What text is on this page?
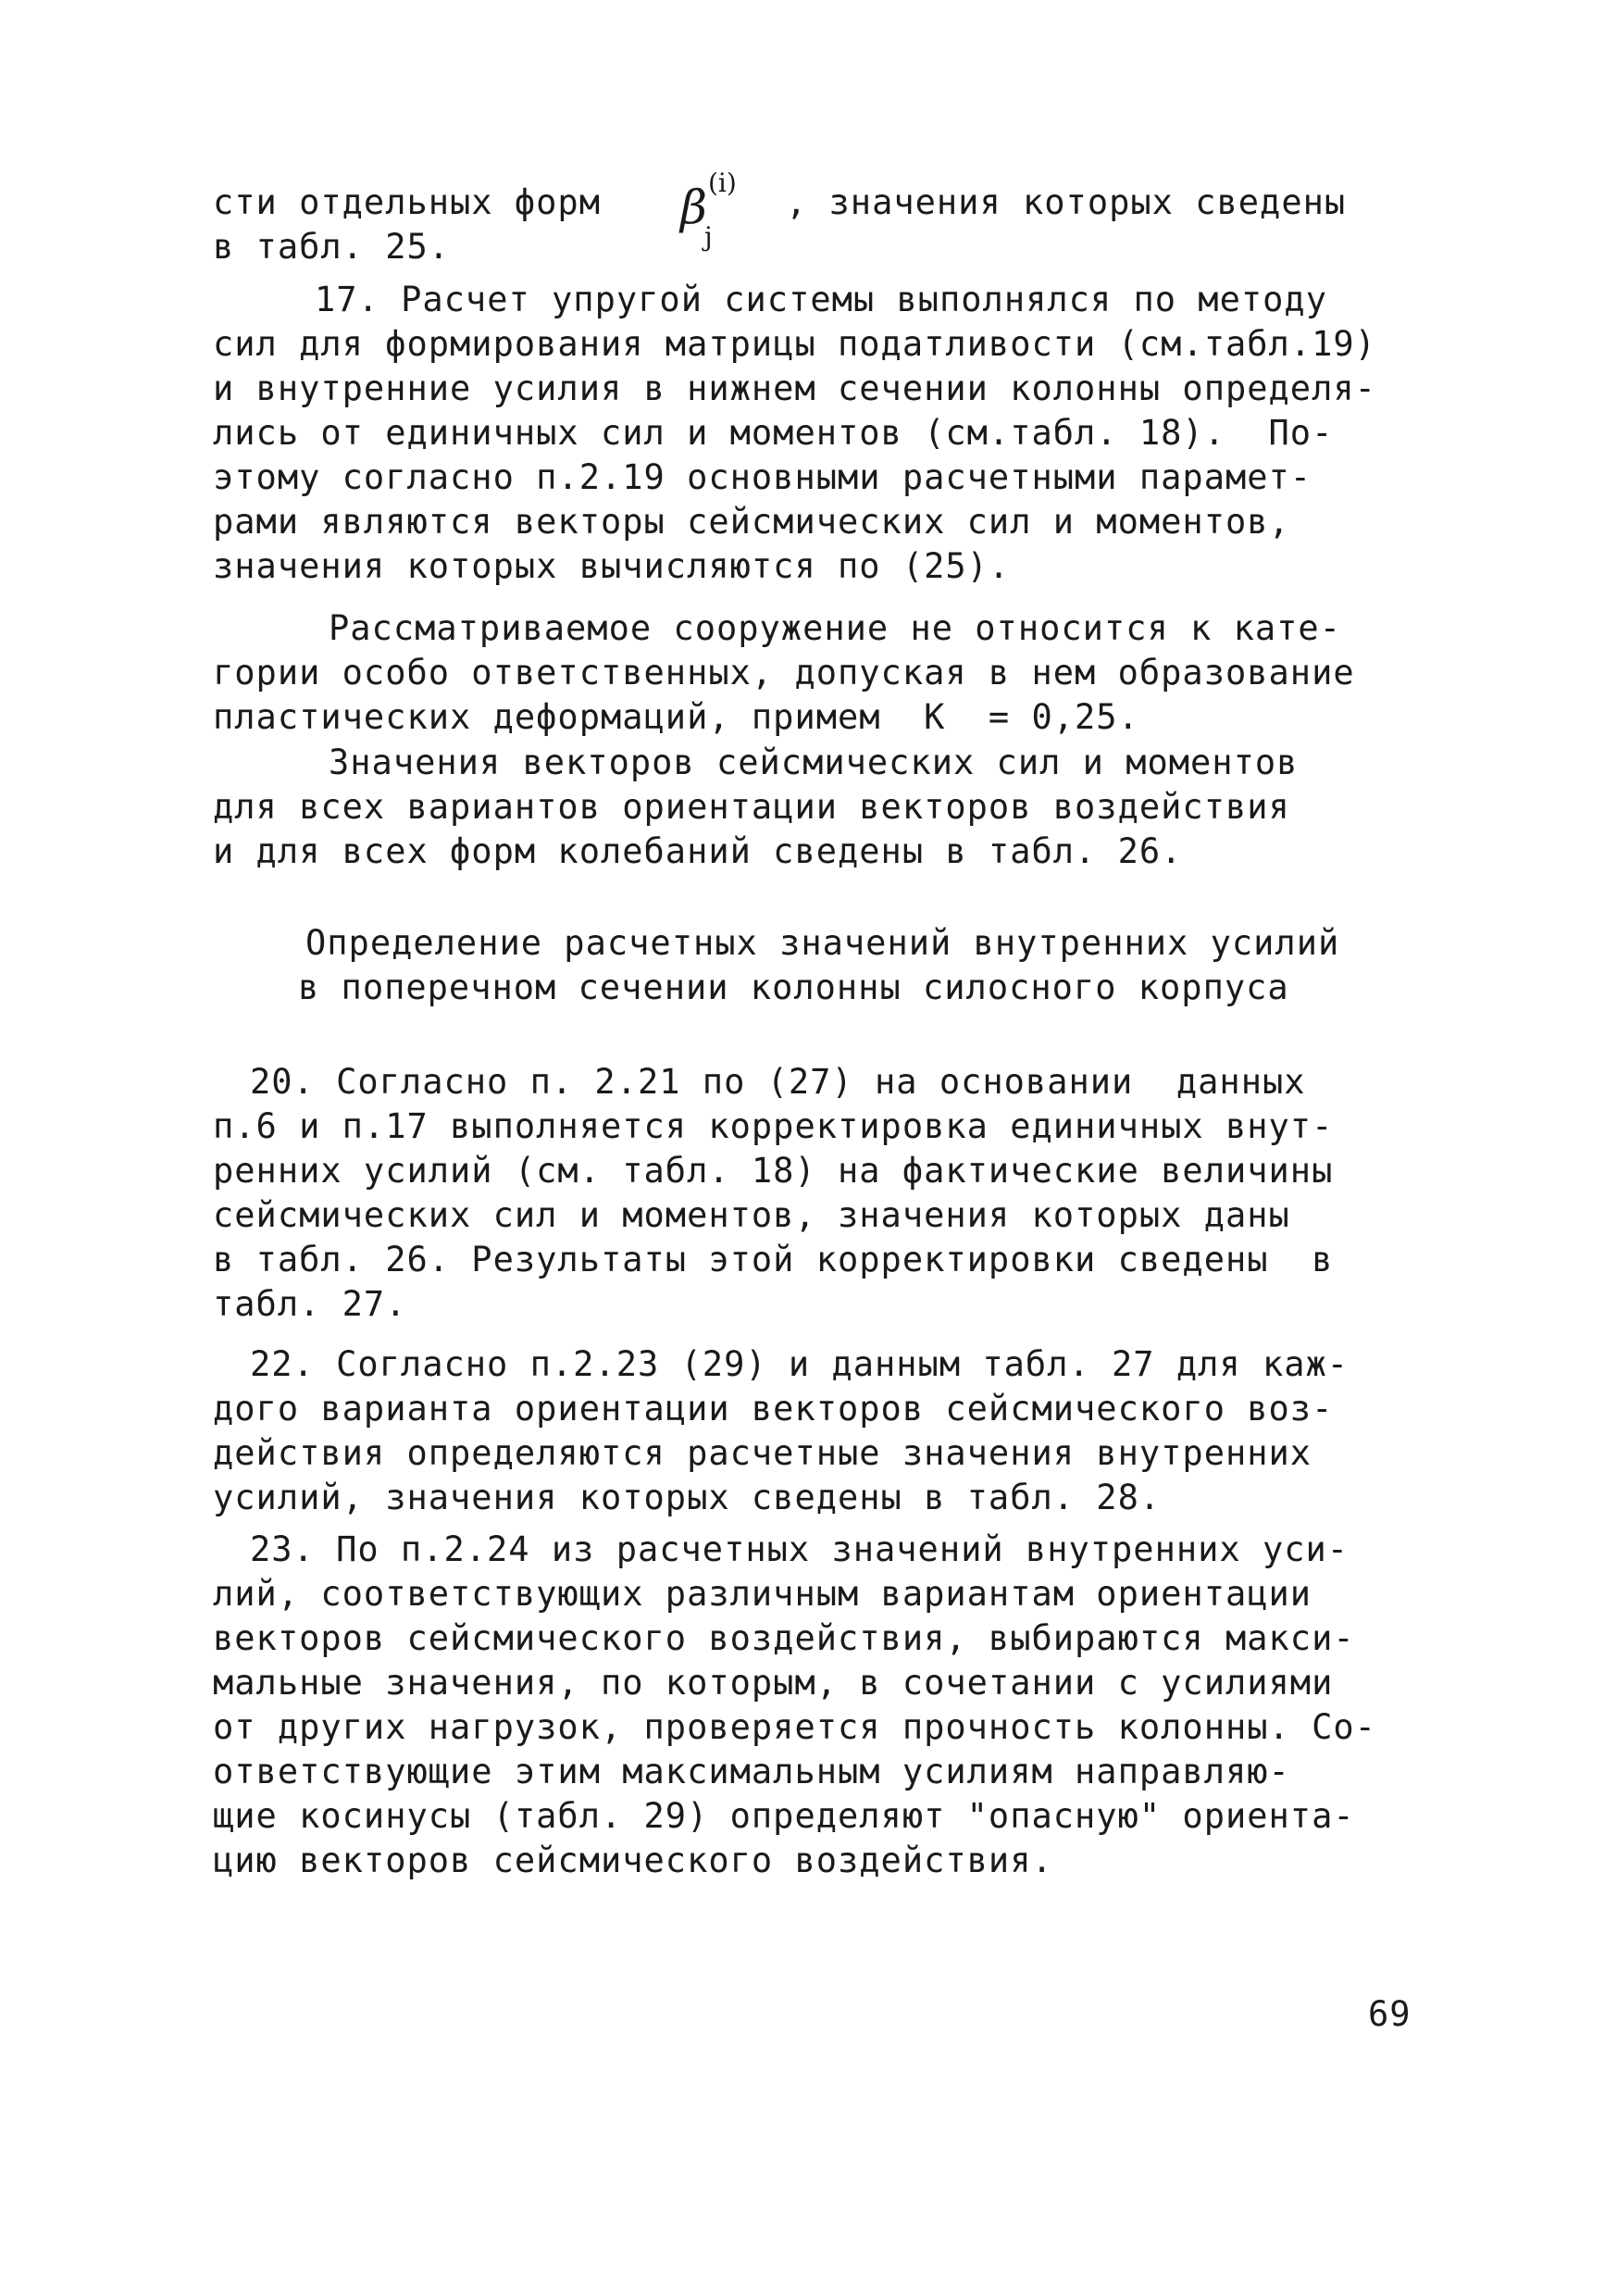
сти отдельных форм	, значения которых сведены
в табл. 25.
β (i)
j
17. Расчет упругой системы выполнялся по методу
сил для формирования матрицы податливости (см.табл.19)
и внутренние усилия в нижнем сечении колонны определя-
лись от единичных сил и моментов (см.табл. 18).  По-
этому согласно п.2.19 основными расчетными парамет-
рами являются векторы сейсмических сил и моментов,
значения которых вычисляются по (25).
Рассматриваемое сооружение не относится к кате-
гории особо ответственных, допуская в нем образование
пластических деформаций, примем  K  = 0,25.
Значения векторов сейсмических сил и моментов
для всех вариантов ориентации векторов воздействия
и для всех форм колебаний сведены в табл. 26.
Определение расчетных значений внутренних усилий
в поперечном сечении колонны силосного корпуса
20. Согласно п. 2.21 по (27) на основании  данных
п.6 и п.17 выполняется корректировка единичных внут-
ренних усилий (см. табл. 18) на фактические величины
сейсмических сил и моментов, значения которых даны
в табл. 26. Результаты этой корректировки сведены  в
табл. 27.
22. Согласно п.2.23 (29) и данным табл. 27 для каж-
дого варианта ориентации векторов сейсмического воз-
действия определяются расчетные значения внутренних
усилий, значения которых сведены в табл. 28.
23. По п.2.24 из расчетных значений внутренних уси-
лий, соответствующих различным вариантам ориентации
векторов сейсмического воздействия, выбираются макси-
мальные значения, по которым, в сочетании с усилиями
от других нагрузок, проверяется прочность колонны. Со-
ответствующие этим максимальным усилиям направляю-
щие косинусы (табл. 29) определяют "опасную" ориента-
цию векторов сейсмического воздействия.
69
